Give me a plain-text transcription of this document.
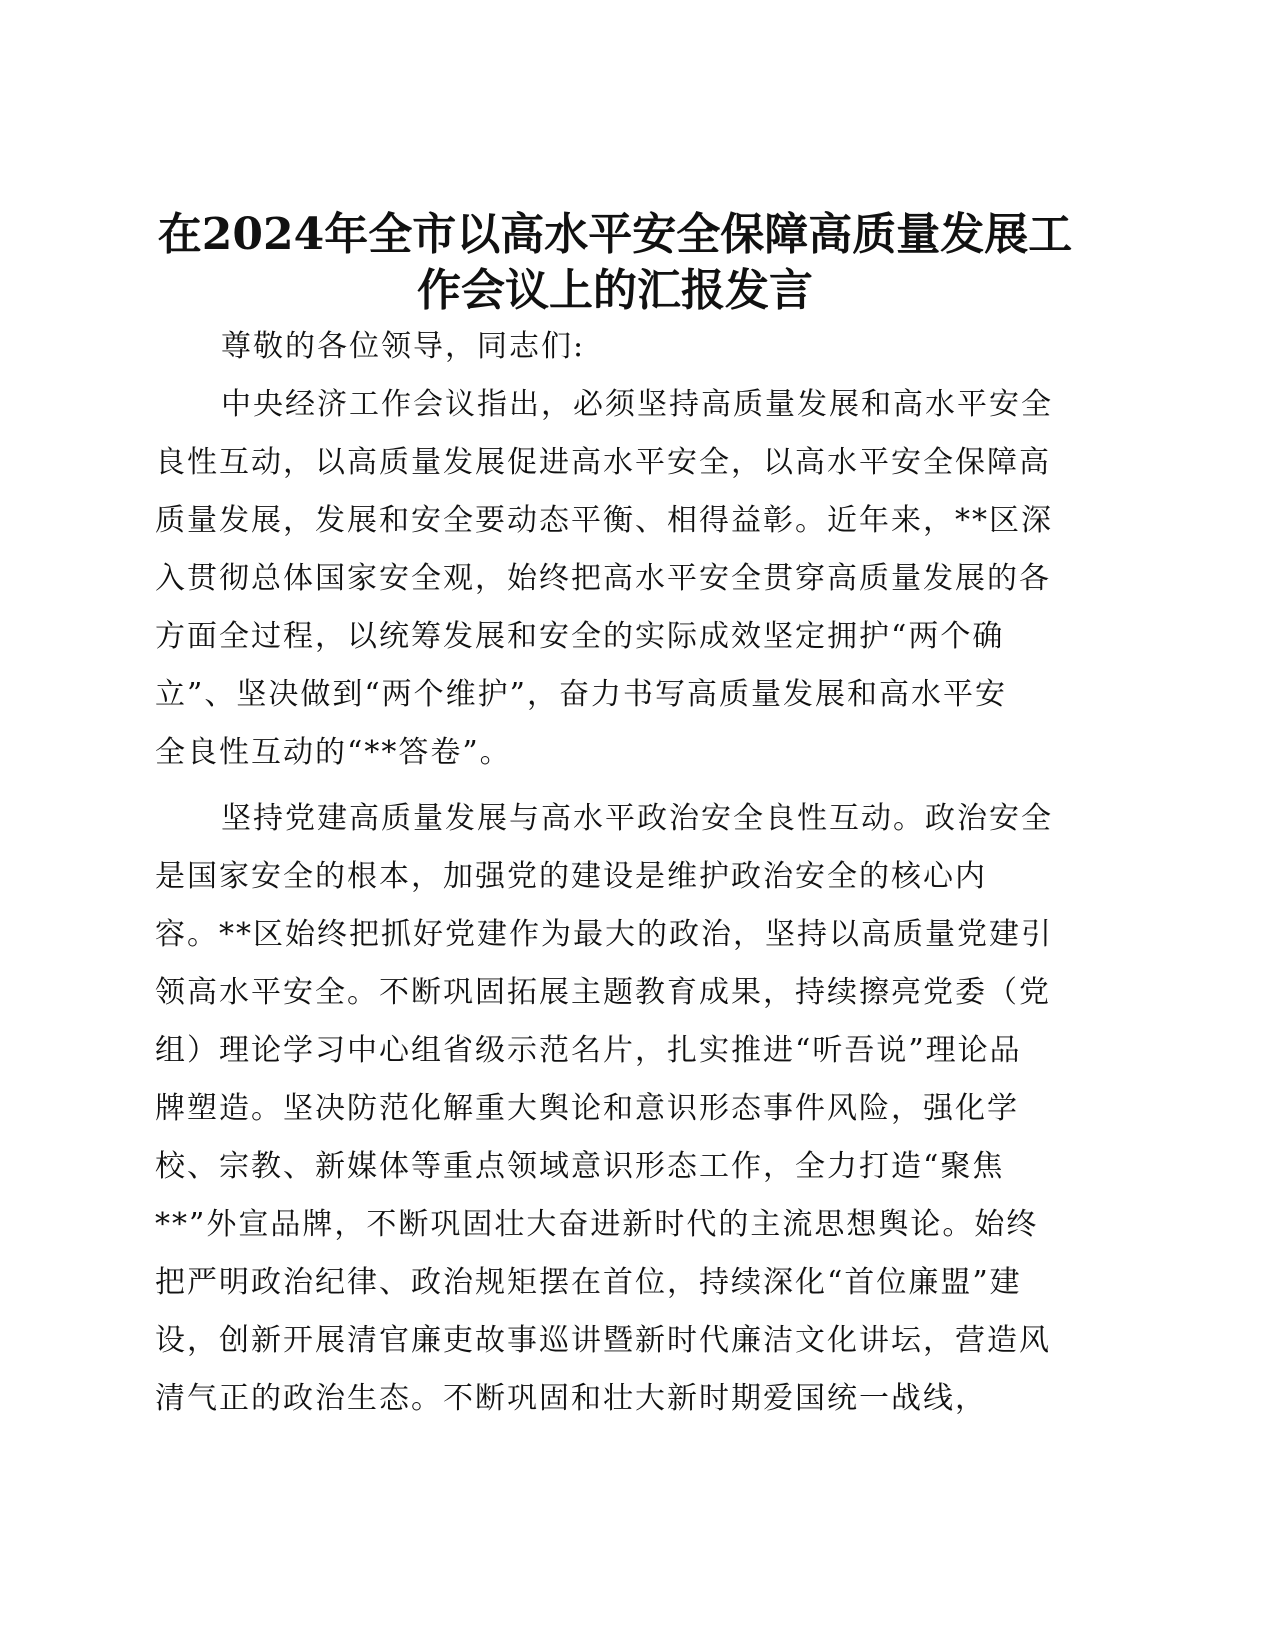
在2024年全市以高水平安全保障高质量发展工
作会议上的汇报发言

尊敬的各位领导，同志们:

中央经济工作会议指出，必须坚持高质量发展和高水平安全
良性互动，以高质量发展促进高水平安全，以高水平安全保障高
质量发展，发展和安全要动态平衡、相得益彰。近年来，**区深
入贯彻总体国家安全观，始终把高水平安全贯穿高质量发展的各
方面全过程，以统筹发展和安全的实际成效坚定拥护“两个确
立”、坚决做到“两个维护”，奋力书写高质量发展和高水平安
全良性互动的“**答卷”。

坚持党建高质量发展与高水平政治安全良性互动。政治安全
是国家安全的根本，加强党的建设是维护政治安全的核心内
容。**区始终把抓好党建作为最大的政治，坚持以高质量党建引
领高水平安全。不断巩固拓展主题教育成果，持续擦亮党委（党
组）理论学习中心组省级示范名片，扎实推进“听吾说”理论品
牌塑造。坚决防范化解重大舆论和意识形态事件风险，强化学
校、宗教、新媒体等重点领域意识形态工作，全力打造“聚焦
**”外宣品牌，不断巩固壮大奋进新时代的主流思想舆论。始终
把严明政治纪律、政治规矩摆在首位，持续深化“首位廉盟”建
设，创新开展清官廉吏故事巡讲暨新时代廉洁文化讲坛，营造风
清气正的政治生态。不断巩固和壮大新时期爱国统一战线，
